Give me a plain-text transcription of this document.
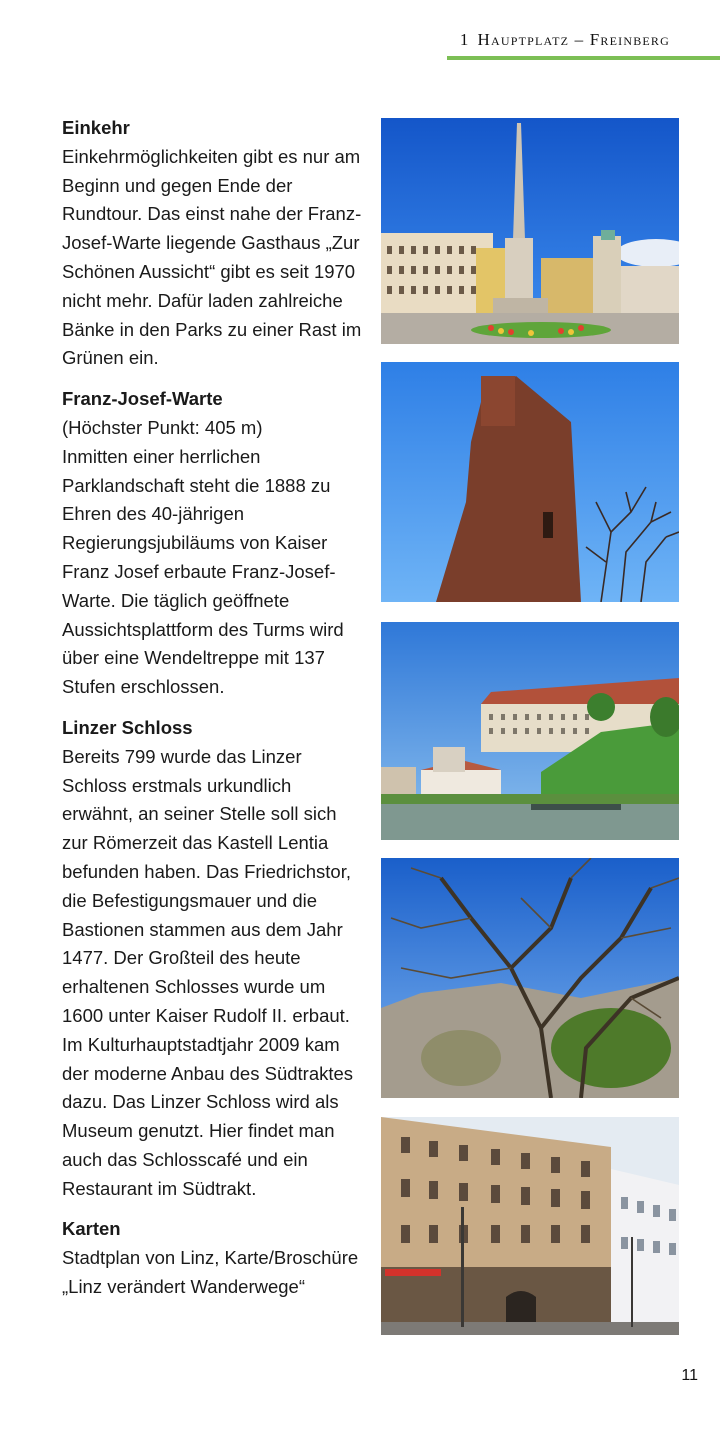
1 Hauptplatz – Freinberg
Einkehr

Einkehrmöglichkeiten gibt es nur am Beginn und gegen Ende der Rundtour. Das einst nahe der Franz-Josef-Warte liegende Gasthaus „Zur Schönen Aussicht“ gibt es seit 1970 nicht mehr. Dafür laden zahlreiche Bänke in den Parks zu einer Rast im Grünen ein.

Franz-Josef-Warte

(Höchster Punkt: 405 m)

Inmitten einer herrlichen Parklandschaft steht die 1888 zu Ehren des 40-jährigen Regierungsjubiläums von Kaiser Franz Josef erbaute Franz-Josef-Warte. Die täglich geöffnete Aussichtsplattform des Turms wird über eine Wendeltreppe mit 137 Stufen erschlossen.

Linzer Schloss

Bereits 799 wurde das Linzer Schloss erstmals urkundlich erwähnt, an seiner Stelle soll sich zur Römerzeit das Kastell Lentia befunden haben. Das Friedrichstor, die Befestigungsmauer und die Bastionen stammen aus dem Jahr 1477. Der Großteil des heute erhaltenen Schlosses wurde um 1600 unter Kaiser Rudolf II. erbaut. Im Kulturhauptstadtjahr 2009 kam der moderne Anbau des Südtraktes dazu. Das Linzer Schloss wird als Museum genutzt. Hier findet man auch das Schlosscafé und ein Restaurant im Südtrakt.

Karten

Stadtplan von Linz, Karte/Broschüre „Linz verändert Wanderwege“

11
